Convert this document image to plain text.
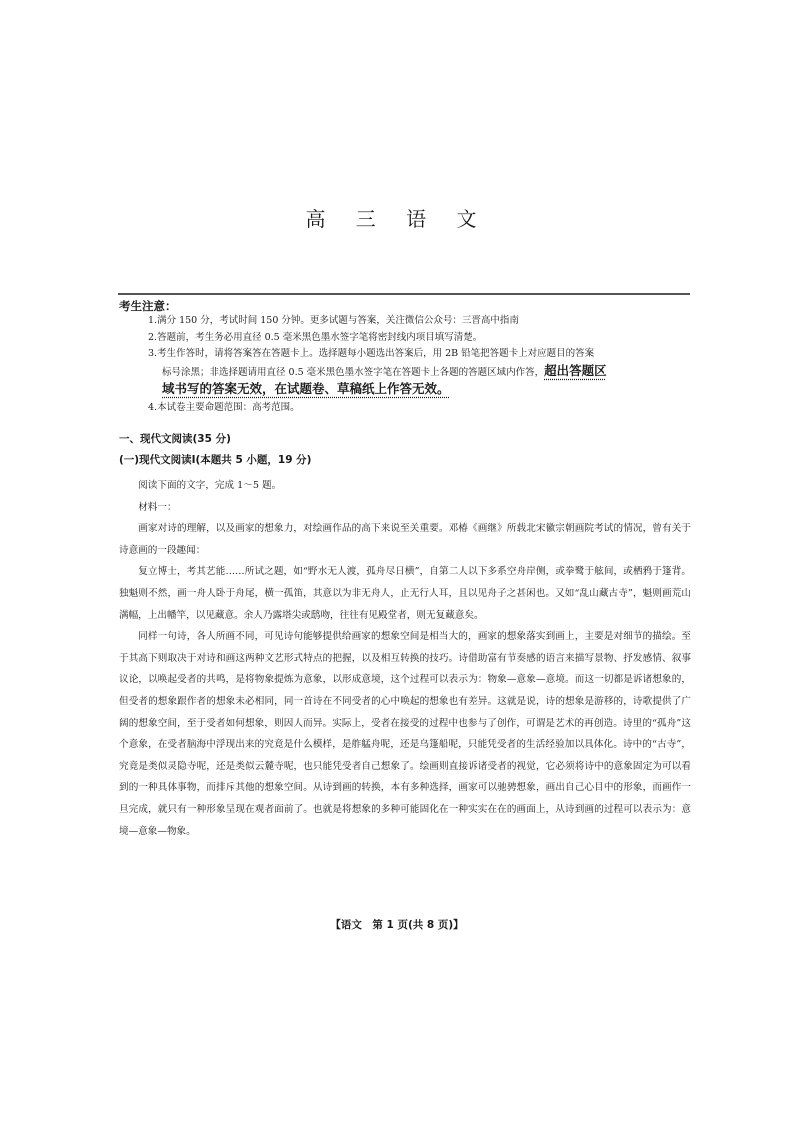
高 三 语 文
考生注意：
1.满分 150 分，考试时间 150 分钟。更多试题与答案，关注微信公众号：三晋高中指南
2.答题前，考生务必用直径 0.5 毫米黑色墨水签字笔将密封线内项目填写清楚。
3.考生作答时，请将答案答在答题卡上。选择题每小题选出答案后，用 2B 铅笔把答题卡上对应题目的答案
标号涂黑；非选择题请用直径 0.5 毫米黑色墨水签字笔在答题卡上各题的答题区域内作答，超出答题区
域书写的答案无效，在试题卷、草稿纸上作答无效。
4.本试卷主要命题范围：高考范围。
一、现代文阅读(35 分)
(一)现代文阅读Ⅰ(本题共 5 小题，19 分)

阅读下面的文字，完成 1～5 题。

材料一：

画家对诗的理解，以及画家的想象力，对绘画作品的高下来说至关重要。邓椿《画继》所载北宋徽宗朝画院考试的情况，曾有关于诗意画的一段趣闻：

复立博士，考其艺能……所试之题，如“野水无人渡，孤舟尽日横”，自第二人以下多系空舟岸侧，或拳鹭于舷间，或栖鸦于篷背。独魁则不然，画一舟人卧于舟尾，横一孤笛，其意以为非无舟人，止无行人耳，且以见舟子之甚闲也。又如“乱山藏古寺”，魁则画荒山满幅，上出幡竿，以见藏意。余人乃露塔尖或鸱吻，往往有见殿堂者，则无复藏意矣。

同样一句诗，各人所画不同，可见诗句能够提供给画家的想象空间是相当大的，画家的想象落实到画上，主要是对细节的描绘。至于其高下则取决于对诗和画这两种文艺形式特点的把握，以及相互转换的技巧。诗借助富有节奏感的语言来描写景物、抒发感情、叙事议论，以唤起受者的共鸣，是将物象提炼为意象，以形成意境，这个过程可以表示为：物象—意象—意境。而这一切都是诉诸想象的，但受者的想象跟作者的想象未必相同，同一首诗在不同受者的心中唤起的想象也有差异。这就是说，诗的想象是游移的，诗歌提供了广阔的想象空间，至于受者如何想象，则因人而异。实际上，受者在接受的过程中也参与了创作，可谓是艺术的再创造。诗里的“孤舟”这个意象，在受者脑海中浮现出来的究竟是什么模样，是舴艋舟呢，还是乌篷船呢，只能凭受者的生活经验加以具体化。诗中的“古寺”，究竟是类似灵隐寺呢，还是类似云麓寺呢，也只能凭受者自己想象了。绘画则直接诉诸受者的视觉，它必须将诗中的意象固定为可以看到的一种具体事物，而排斥其他的想象空间。从诗到画的转换，本有多种选择，画家可以驰骋想象，画出自己心目中的形象，而画作一旦完成，就只有一种形象呈现在观者面前了。也就是将想象的多种可能固化在一种实实在在的画面上，从诗到画的过程可以表示为：意境—意象—物象。

【语文　第 1 页(共 8 页)】
